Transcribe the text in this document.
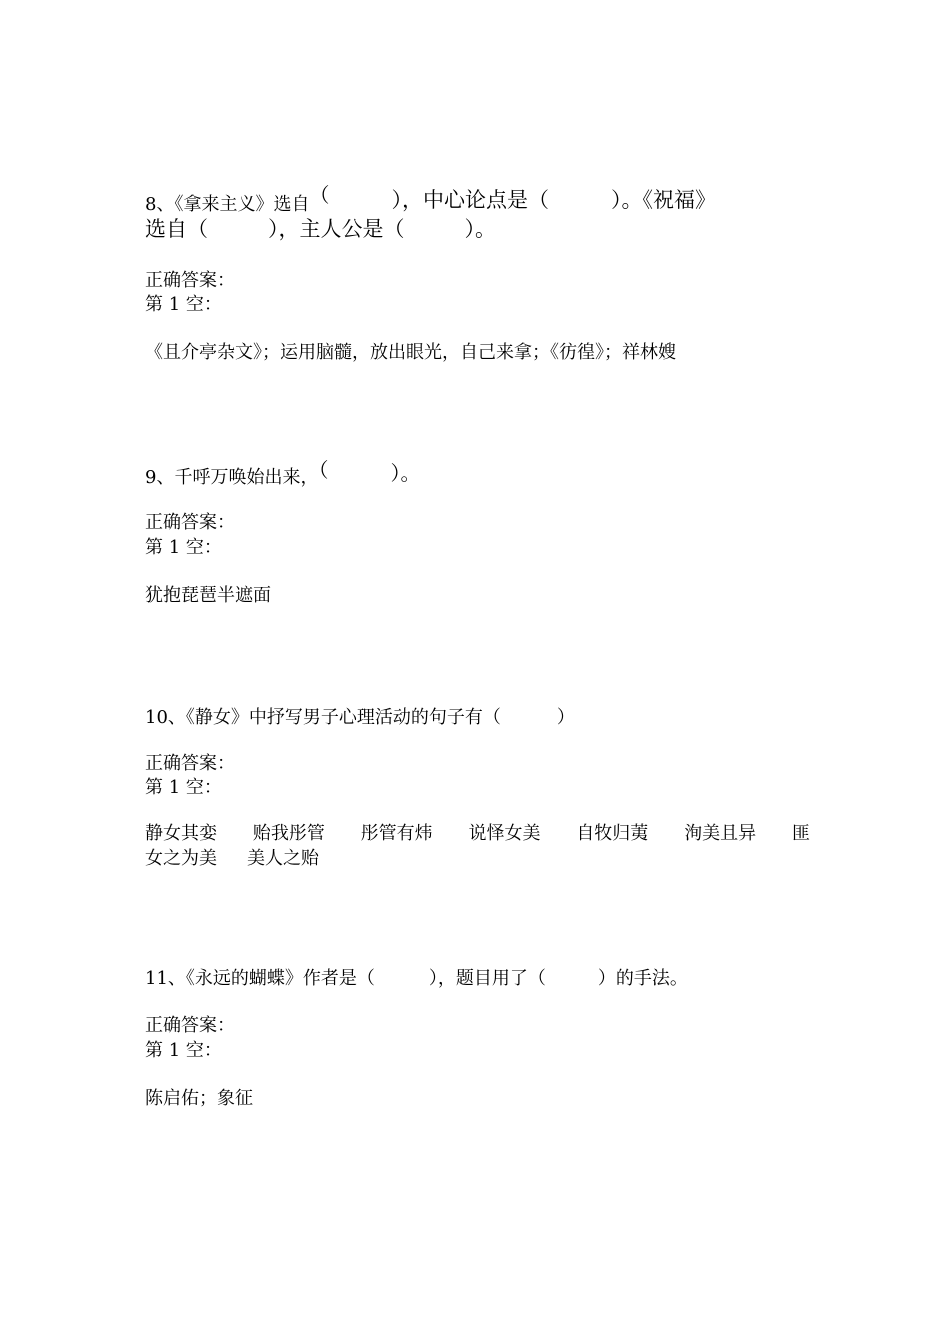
8、《拿来主义》选自（	），中心论点是（	）。《祝福》
选自（	），主人公是（	）。
正确答案：
第 1 空：
《且介亭杂文》；运用脑髓，放出眼光，自己来拿；《彷徨》；祥林嫂
9、千呼万唤始出来，（	）。
正确答案：
第 1 空：
犹抱琵琶半遮面
10、《静女》中抒写男子心理活动的句子有（	）
正确答案：
第 1 空：
静女其娈 贻我彤管 彤管有炜 说怿女美 自牧归荑 洵美且异 匪
女之为美 美人之贻
11、《永远的蝴蝶》作者是（	），题目用了（	）的手法。
正确答案：
第 1 空：
陈启佑；象征
